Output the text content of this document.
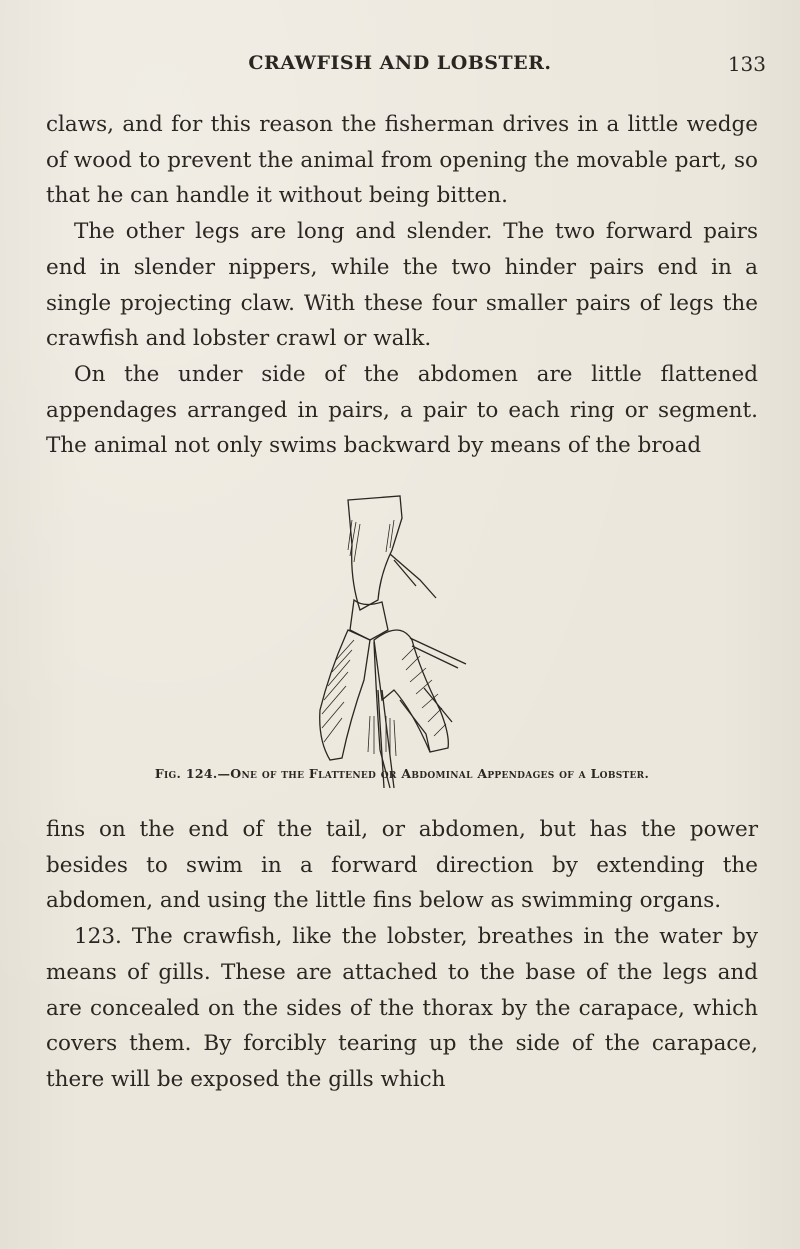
CRAWFISH AND LOBSTER.	133

claws, and for this reason the fisherman drives in a little wedge of wood to prevent the animal from opening the movable part, so that he can handle it without being bitten.

The other legs are long and slender. The two forward pairs end in slender nippers, while the two hinder pairs end in a single projecting claw. With these four smaller pairs of legs the crawfish and lobster crawl or walk.

On the under side of the abdomen are little flattened appendages arranged in pairs, a pair to each ring or segment. The animal not only swims backward by means of the broad

Fig. 124.—One of the Flattened or Abdominal Appendages of a Lobster.

fins on the end of the tail, or abdomen, but has the power besides to swim in a forward direction by extending the abdomen, and using the little fins below as swimming organs.

123. The crawfish, like the lobster, breathes in the water by means of gills. These are attached to the base of the legs and are concealed on the sides of the thorax by the carapace, which covers them. By forcibly tearing up the side of the carapace, there will be exposed the gills which
